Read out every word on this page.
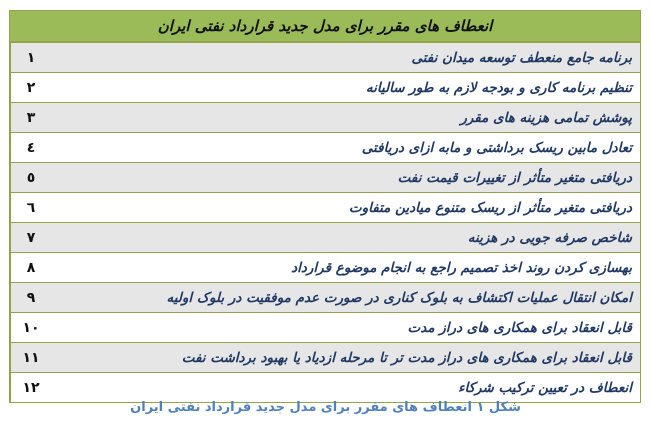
انعطاف های مقرر برای مدل جدید قرارداد نفتی ایران
١	برنامه جامع منعطف توسعه میدان نفتی
٢	تنظیم برنامه کاری و بودجه لازم به طور سالیانه
٣	پوشش تمامی هزینه های مقرر
٤	تعادل مابین ریسک برداشتی و مابه ازای دریافتی
٥	دریافتی متغیر متأثر از تغییرات قیمت نفت
٦	دریافتی متغیر متأثر از ریسک متنوع میادین متفاوت
٧	شاخص صرفه جویی در هزینه
٨	بهسازی کردن روند اخذ تصمیم راجع به انجام موضوع قرارداد
٩	امکان انتقال عملیات اکتشاف به بلوک کناری در صورت عدم موفقیت در بلوک اولیه
١٠	قابل انعقاد برای همکاری های دراز مدت
١١	قابل انعقاد برای همکاری های دراز مدت تر تا مرحله ازدیاد یا بهبود برداشت نفت
١٢	انعطاف در تعیین ترکیب شرکاء
شکل ١ انعطاف های مقرر برای مدل جدید قرارداد نفتی ایران
